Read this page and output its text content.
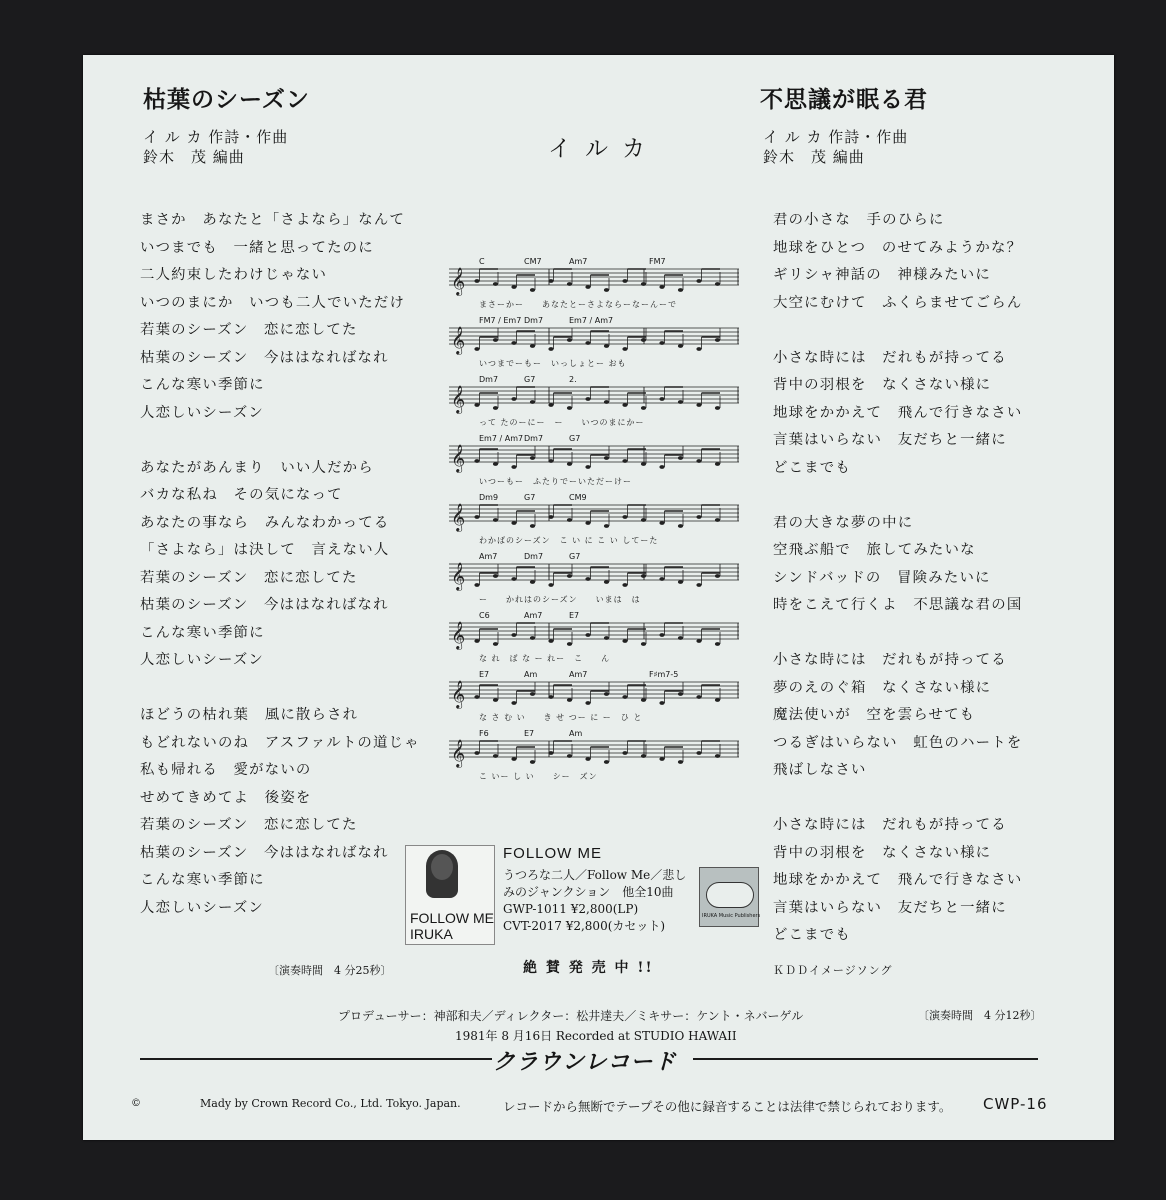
枯葉のシーズン
イ ル カ 作詩・作曲
鈴木　茂 編曲	イルカ
不思議が眠る君
イ ル カ 作詩・作曲
鈴木　茂 編曲
まさか　あなたと「さよなら」なんて
いつまでも　一緒と思ってたのに
二人約束したわけじゃない
いつのまにか　いつも二人でいただけ
若葉のシーズン　恋に恋してた
枯葉のシーズン　今ははなればなれ
こんな寒い季節に
人恋しいシーズン
あなたがあんまり　いい人だから
バカな私ね　その気になって
あなたの事なら　みんなわかってる
「さよなら」は決して　言えない人
若葉のシーズン　恋に恋してた
枯葉のシーズン　今ははなればなれ
こんな寒い季節に
人恋しいシーズン
ほどうの枯れ葉　風に散らされ
もどれないのね　アスファルトの道じゃ
私も帰れる　愛がないの
せめてきめてよ　後姿を
若葉のシーズン　恋に恋してた
枯葉のシーズン　今ははなればなれ
こんな寒い季節に
人恋しいシーズン
〔演奏時間　4 分25秒〕
君の小さな　手のひらに
地球をひとつ　のせてみようかな？
ギリシャ神話の　神様みたいに
大空にむけて　ふくらませてごらん
小さな時には　だれもが持ってる
背中の羽根を　なくさない様に
地球をかかえて　飛んで行きなさい
言葉はいらない　友だちと一緒に
どこまでも
君の大きな夢の中に
空飛ぶ船で　旅してみたいな
シンドバッドの　冒険みたいに
時をこえて行くよ　不思議な君の国
小さな時には　だれもが持ってる
夢のえのぐ箱　なくさない様に
魔法使いが　空を雲らせても
つるぎはいらない　虹色のハートを
飛ばしなさい
小さな時には　だれもが持ってる
背中の羽根を　なくさない様に
地球をかかえて　飛んで行きなさい
言葉はいらない　友だちと一緒に
どこまでも
ＫＤＤイメージソング
〔演奏時間　4 分12秒〕
𝄞
C	CM7	Am7	FM7
まさーかー　　あなたとーさよならーなーんーで
𝄞
FM7 / Em7 Dm7	Em7 / Am7
いつまでーもー　いっしょとー おも
𝄞
Dm7	G7	2.
って たのーにー　ー　　いつのまにかー
𝄞
Em7 / Am7 Dm7	G7
いつーもー　ふたりでーいただーけー
𝄞
Dm9	G7	CM9
わかばのシーズン　こ い に こ い してーた
𝄞
Am7	Dm7	G7
ー　　かれはのシーズン　　いまは　は
𝄞
C6	Am7	E7
な れ　ば な ー れー　こ　　ん
𝄞
E7	Am	Am7	F♯m7-5
な さ む い　　き せ つー に ー　ひ と
𝄞
F6	E7	Am
こ いー し い　　シー　ズン
FOLLOW ME
IRUKA
FOLLOW ME
うつろな二人／Follow Me／悲し
みのジャンクション　他全10曲
GWP-1011 ¥2,800(LP)
CVT-2017 ¥2,800(カセット)
IRUKA Music Publishers
絶 賛 発 売 中 !!
プロデューサー：神部和夫／ディレクター：松井達夫／ミキサー：ケント・ネバーゲル
1981年 8 月16日 Recorded at STUDIO HAWAII
クラウンレコード
©	Mady by Crown Record Co., Ltd. Tokyo. Japan.	レコードから無断でテープその他に録音することは法律で禁じられております。 CWP-16
